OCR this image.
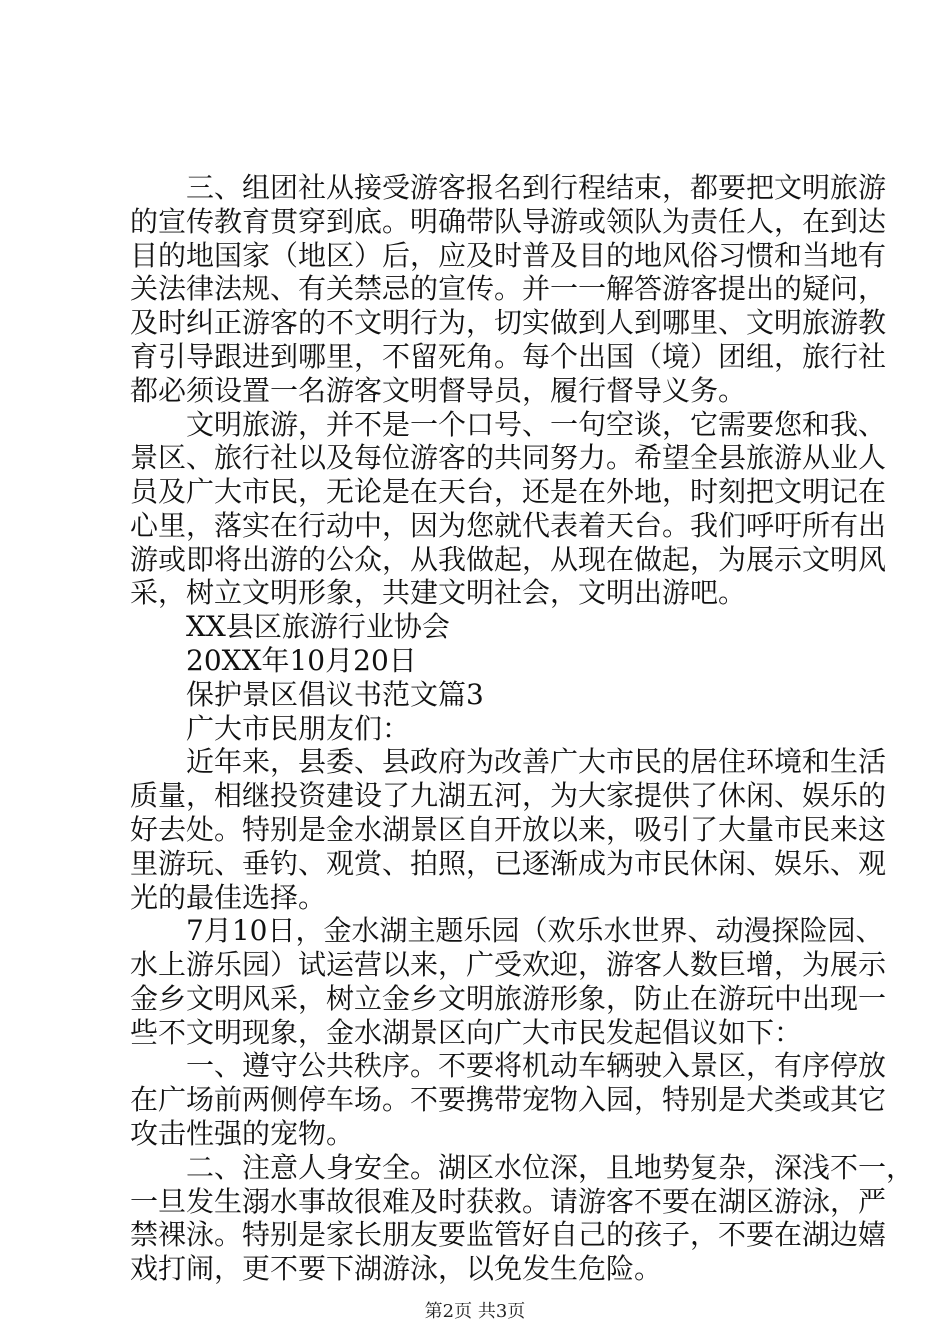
三、组团社从接受游客报名到行程结束，都要把文明旅游
的宣传教育贯穿到底。明确带队导游或领队为责任人，在到达
目的地国家（地区）后，应及时普及目的地风俗习惯和当地有
关法律法规、有关禁忌的宣传。并一一解答游客提出的疑问，
及时纠正游客的不文明行为，切实做到人到哪里、文明旅游教
育引导跟进到哪里，不留死角。每个出国（境）团组，旅行社
都必须设置一名游客文明督导员，履行督导义务。
文明旅游，并不是一个口号、一句空谈，它需要您和我、
景区、旅行社以及每位游客的共同努力。希望全县旅游从业人
员及广大市民，无论是在天台，还是在外地，时刻把文明记在
心里，落实在行动中，因为您就代表着天台。我们呼吁所有出
游或即将出游的公众，从我做起，从现在做起，为展示文明风
采，树立文明形象，共建文明社会，文明出游吧。
XX县区旅游行业协会
20XX年10月20日
保护景区倡议书范文篇3
广大市民朋友们：
近年来，县委、县政府为改善广大市民的居住环境和生活
质量，相继投资建设了九湖五河，为大家提供了休闲、娱乐的
好去处。特别是金水湖景区自开放以来，吸引了大量市民来这
里游玩、垂钓、观赏、拍照，已逐渐成为市民休闲、娱乐、观
光的最佳选择。
7月10日，金水湖主题乐园（欢乐水世界、动漫探险园、
水上游乐园）试运营以来，广受欢迎，游客人数巨增，为展示
金乡文明风采，树立金乡文明旅游形象，防止在游玩中出现一
些不文明现象，金水湖景区向广大市民发起倡议如下：
一、遵守公共秩序。不要将机动车辆驶入景区，有序停放
在广场前两侧停车场。不要携带宠物入园，特别是犬类或其它
攻击性强的宠物。
二、注意人身安全。湖区水位深，且地势复杂，深浅不一，
一旦发生溺水事故很难及时获救。请游客不要在湖区游泳，严
禁裸泳。特别是家长朋友要监管好自己的孩子，不要在湖边嬉
戏打闹，更不要下湖游泳，以免发生危险。
第2页 共3页
